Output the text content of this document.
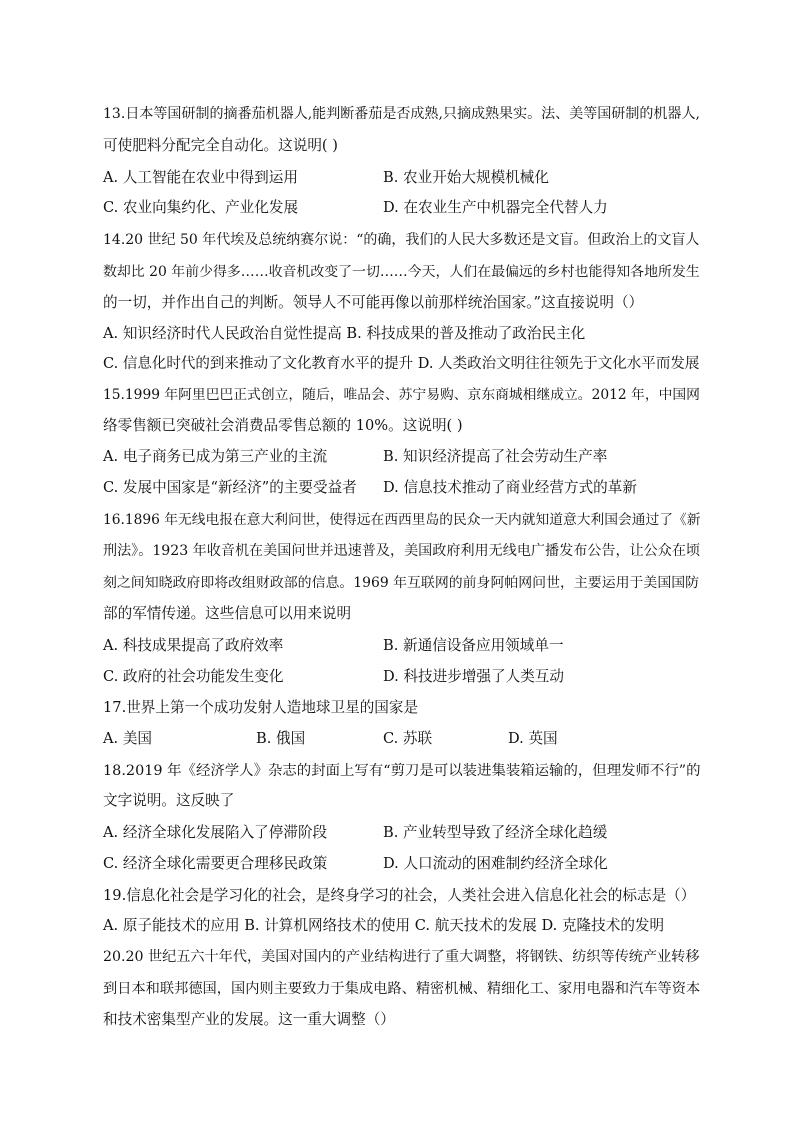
13.日本等国研制的摘番茄机器人,能判断番茄是否成熟,只摘成熟果实。法、美等国研制的机器人,
可使肥料分配完全自动化。这说明( )
A. 人工智能在农业中得到运用	B. 农业开始大规模机械化
C. 农业向集约化、产业化发展	D. 在农业生产中机器完全代替人力
14.20 世纪 50 年代埃及总统纳赛尔说：“的确，我们的人民大多数还是文盲。但政治上的文盲人
数却比 20 年前少得多……收音机改变了一切……今天，人们在最偏远的乡村也能得知各地所发生
的一切，并作出自己的判断。领导人不可能再像以前那样统治国家。”这直接说明（）
A. 知识经济时代人民政治自觉性提高 B. 科技成果的普及推动了政治民主化
C. 信息化时代的到来推动了文化教育水平的提升 D. 人类政治文明往往领先于文化水平而发展
15.1999 年阿里巴巴正式创立，随后，唯品会、苏宁易购、京东商城相继成立。2012 年，中国网
络零售额已突破社会消费品零售总额的 10%。这说明( )
A. 电子商务已成为第三产业的主流	B. 知识经济提高了社会劳动生产率
C. 发展中国家是“新经济”的主要受益者 D. 信息技术推动了商业经营方式的革新
16.1896 年无线电报在意大利问世，使得远在西西里岛的民众一天内就知道意大利国会通过了《新
刑法》。1923 年收音机在美国问世并迅速普及，美国政府利用无线电广播发布公告，让公众在顷
刻之间知晓政府即将改组财政部的信息。1969 年互联网的前身阿帕网问世，主要运用于美国国防
部的军情传递。这些信息可以用来说明
A. 科技成果提高了政府效率	B. 新通信设备应用领域单一
C. 政府的社会功能发生变化	D. 科技进步增强了人类互动
17.世界上第一个成功发射人造地球卫星的国家是
A. 美国	B. 俄国	C. 苏联	D. 英国
18.2019 年《经济学人》杂志的封面上写有“剪刀是可以装进集装箱运输的，但理发师不行”的
文字说明。这反映了
A. 经济全球化发展陷入了停滞阶段	B. 产业转型导致了经济全球化趋缓
C. 经济全球化需要更合理移民政策	D. 人口流动的困难制约经济全球化
19.信息化社会是学习化的社会，是终身学习的社会，人类社会进入信息化社会的标志是（）
A. 原子能技术的应用 B. 计算机网络技术的使用 C. 航天技术的发展 D. 克隆技术的发明
20.20 世纪五六十年代，美国对国内的产业结构进行了重大调整，将钢铁、纺织等传统产业转移
到日本和联邦德国，国内则主要致力于集成电路、精密机械、精细化工、家用电器和汽车等资本
和技术密集型产业的发展。这一重大调整（）
